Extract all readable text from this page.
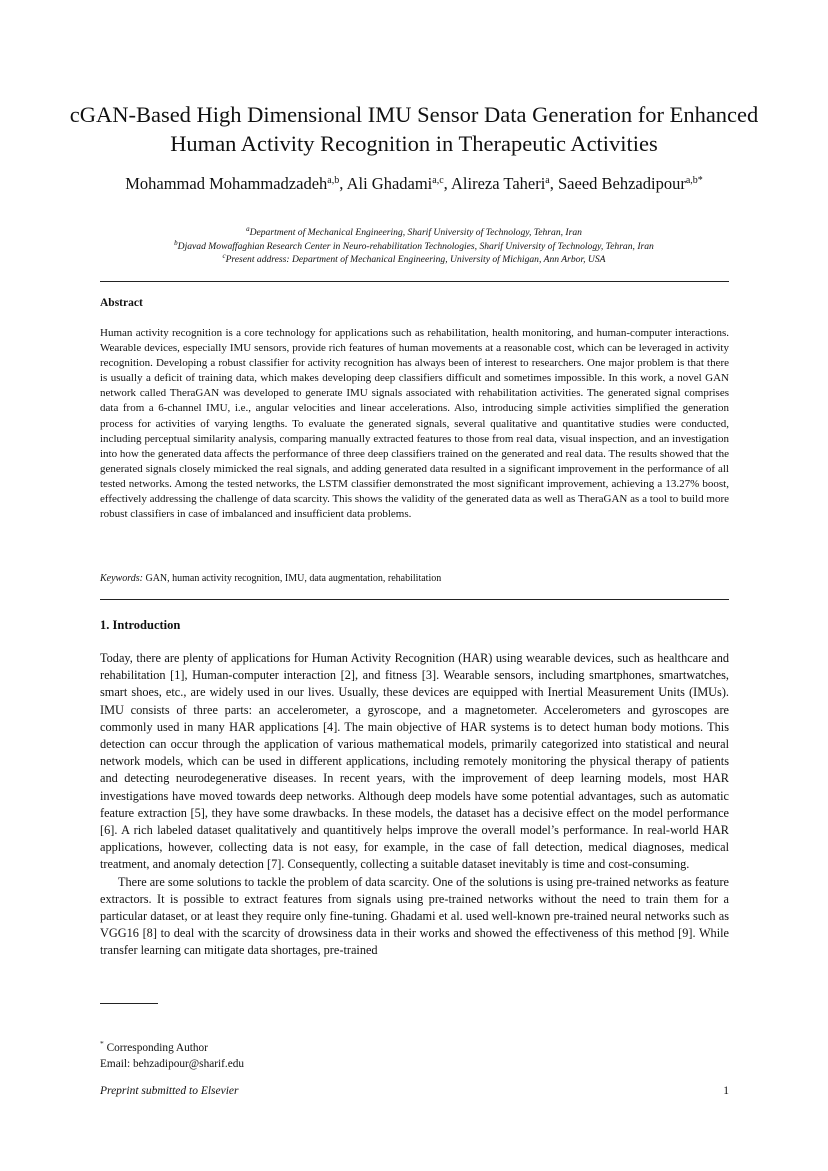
cGAN-Based High Dimensional IMU Sensor Data Generation for Enhanced Human Activity Recognition in Therapeutic Activities
Mohammad Mohammadzadeh$^{a,b}$, Ali Ghadami$^{a,c}$, Alireza Taheri$^a$, Saeed Behzadipour$^{a,b*}$
$^a$Department of Mechanical Engineering, Sharif University of Technology, Tehran, Iran
$^b$Djavad Mowaffaghian Research Center in Neuro-rehabilitation Technologies, Sharif University of Technology, Tehran, Iran
$^c$Present address: Department of Mechanical Engineering, University of Michigan, Ann Arbor, USA
Abstract

Human activity recognition is a core technology for applications such as rehabilitation, health monitoring, and human-computer interactions. Wearable devices, especially IMU sensors, provide rich features of human movements at a reasonable cost, which can be leveraged in activity recognition. Developing a robust classifier for activity recognition has always been of interest to researchers. One major problem is that there is usually a deficit of training data, which makes developing deep classifiers difficult and sometimes impossible. In this work, a novel GAN network called TheraGAN was developed to generate IMU signals associated with rehabilitation activities. The generated signal comprises data from a 6-channel IMU, i.e., angular velocities and linear accelerations. Also, introducing simple activities simplified the generation process for activities of varying lengths. To evaluate the generated signals, several qualitative and quantitative studies were conducted, including perceptual similarity analysis, comparing manually extracted features to those from real data, visual inspection, and an investigation into how the generated data affects the performance of three deep classifiers trained on the generated and real data. The results showed that the generated signals closely mimicked the real signals, and adding generated data resulted in a significant improvement in the performance of all tested networks. Among the tested networks, the LSTM classifier demonstrated the most significant improvement, achieving a 13.27% boost, effectively addressing the challenge of data scarcity. This shows the validity of the generated data as well as TheraGAN as a tool to build more robust classifiers in case of imbalanced and insufficient data problems.

Keywords: GAN, human activity recognition, IMU, data augmentation, rehabilitation
1. Introduction

Today, there are plenty of applications for Human Activity Recognition (HAR) using wearable devices, such as healthcare and rehabilitation [1], Human-computer interaction [2], and fitness [3]. Wearable sensors, including smartphones, smartwatches, smart shoes, etc., are widely used in our lives. Usually, these devices are equipped with Inertial Measurement Units (IMUs). IMU consists of three parts: an accelerometer, a gyroscope, and a magnetometer. Accelerometers and gyroscopes are commonly used in many HAR applications [4]. The main objective of HAR systems is to detect human body motions. This detection can occur through the application of various mathematical models, primarily categorized into statistical and neural network models, which can be used in different applications, including remotely monitoring the physical therapy of patients and detecting neurodegenerative diseases. In recent years, with the improvement of deep learning models, most HAR investigations have moved towards deep networks. Although deep models have some potential advantages, such as automatic feature extraction [5], they have some drawbacks. In these models, the dataset has a decisive effect on the model performance [6]. A rich labeled dataset qualitatively and quantitively helps improve the overall model’s performance. In real-world HAR applications, however, collecting data is not easy, for example, in the case of fall detection, medical diagnoses, medical treatment, and anomaly detection [7]. Consequently, collecting a suitable dataset inevitably is time and cost-consuming.

There are some solutions to tackle the problem of data scarcity. One of the solutions is using pre-trained networks as feature extractors. It is possible to extract features from signals using pre-trained networks without the need to train them for a particular dataset, or at least they require only fine-tuning. Ghadami et al. used well-known pre-trained neural networks such as VGG16 [8] to deal with the scarcity of drowsiness data in their works and showed the effectiveness of this method [9]. While transfer learning can mitigate data shortages, pre-trained

* Corresponding Author
Email: behzadipour@sharif.edu
Preprint submitted to Elsevier	1
